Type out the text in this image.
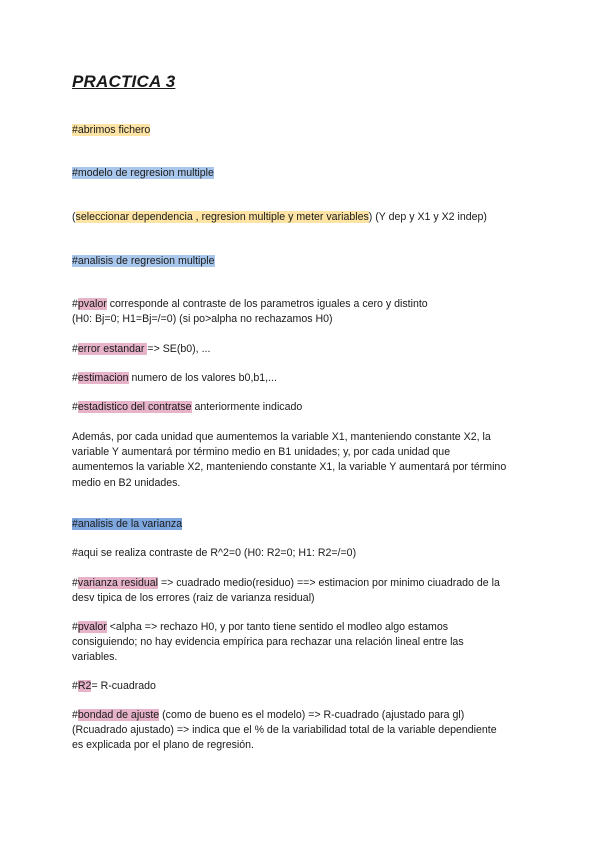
PRACTICA 3
#abrimos fichero
#modelo de regresion multiple
(seleccionar dependencia , regresion multiple y meter variables) (Y dep y X1 y X2 indep)
#analisis de regresion multiple
#pvalor corresponde al contraste de los parametros iguales a cero y distinto
(H0: Bj=0; H1=Bj=/=0) (si po>alpha no rechazamos H0)
#error estandar => SE(b0), ...
#estimacion numero de los valores b0,b1,...
#estadistico del contratse anteriormente indicado
Además, por cada unidad que aumentemos la variable X1, manteniendo constante X2, la
variable Y aumentará por término medio en B1 unidades; y, por cada unidad que
aumentemos la variable X2, manteniendo constante X1, la variable Y aumentará por término
medio en B2 unidades.
#analisis de la varianza
#aqui se realiza contraste de R^2=0 (H0: R2=0; H1: R2=/=0)
#varianza residual => cuadrado medio(residuo) ==> estimacion por minimo ciuadrado de la
desv tipica de los errores (raiz de varianza residual)
#pvalor <alpha => rechazo H0, y por tanto tiene sentido el modleo algo estamos
consiguiendo; no hay evidencia empírica para rechazar una relación lineal entre las
variables.
#R2= R-cuadrado
#bondad de ajuste (como de bueno es el modelo) => R-cuadrado (ajustado para gl)
(Rcuadrado ajustado) => indica que el % de la variabilidad total de la variable dependiente
es explicada por el plano de regresión.
